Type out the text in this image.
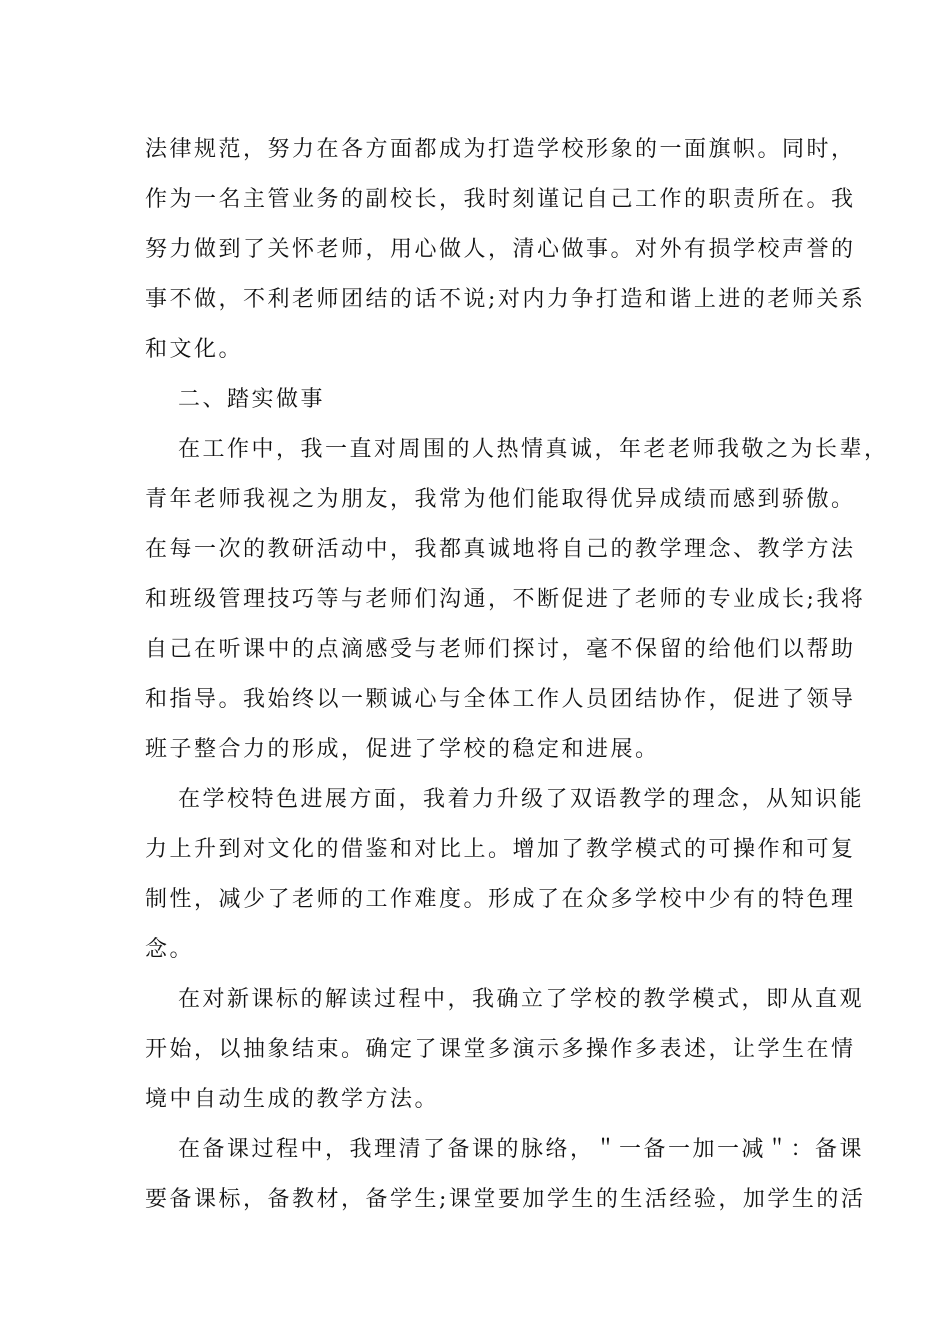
法律规范，努力在各方面都成为打造学校形象的一面旗帜。同时，

作为一名主管业务的副校长，我时刻谨记自己工作的职责所在。我

努力做到了关怀老师，用心做人，清心做事。对外有损学校声誉的

事不做，不利老师团结的话不说;对内力争打造和谐上进的老师关系

和文化。

二、踏实做事

在工作中，我一直对周围的人热情真诚，年老老师我敬之为长辈，

青年老师我视之为朋友，我常为他们能取得优异成绩而感到骄傲。

在每一次的教研活动中，我都真诚地将自己的教学理念、教学方法

和班级管理技巧等与老师们沟通，不断促进了老师的专业成长;我将

自己在听课中的点滴感受与老师们探讨，毫不保留的给他们以帮助

和指导。我始终以一颗诚心与全体工作人员团结协作，促进了领导

班子整合力的形成，促进了学校的稳定和进展。

在学校特色进展方面，我着力升级了双语教学的理念，从知识能

力上升到对文化的借鉴和对比上。增加了教学模式的可操作和可复

制性，减少了老师的工作难度。形成了在众多学校中少有的特色理

念。

在对新课标的解读过程中，我确立了学校的教学模式，即从直观

开始，以抽象结束。确定了课堂多演示多操作多表述，让学生在情

境中自动生成的教学方法。

在备课过程中，我理清了备课的脉络，＂一备一加一减＂：备课

要备课标，备教材，备学生;课堂要加学生的生活经验，加学生的活
